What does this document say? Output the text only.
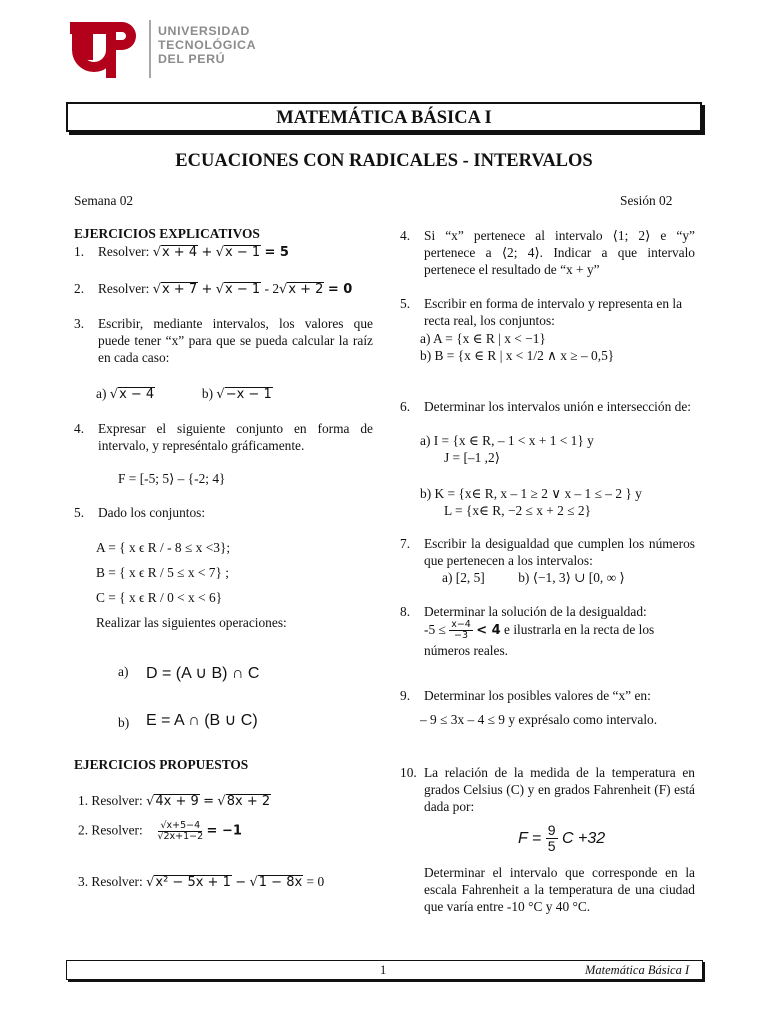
UNIVERSIDAD
TECNOLÓGICA
DEL PERÚ
MATEMÁTICA BÁSICA I
ECUACIONES CON RADICALES - INTERVALOS
Semana 02	Sesión 02
EJERCICIOS EXPLICATIVOS
1. Resolver: √x + 4 + √x − 1 = 5
2. Resolver: √x + 7 + √x − 1 - 2√x + 2 = 0
3. Escribir, mediante intervalos, los valores que puede tener “x” para que se pueda calcular la raíz en cada caso:
a) √x − 4	b) √−x − 1
4. Expresar el siguiente conjunto en forma de intervalo, y represéntalo gráficamente.
F = [-5; 5⟩ – {-2; 4}
5. Dado los conjuntos:
A = { x ϵ R / - 8 ≤ x <3};
B = { x ϵ R / 5 ≤ x < 7} ;
C = { x ϵ R / 0 < x < 6}
Realizar las siguientes operaciones:
a) D = (A ∪ B) ∩ C
b) E = A ∩ (B ∪ C)
EJERCICIOS PROPUESTOS
1. Resolver: √4x + 9 = √8x + 2
2. Resolver: $\frac{√x+5-4}{√2x+1-2} = -1$
3. Resolver: √x² − 5x + 1 − √1 − 8x = 0
4. Si “x” pertenece al intervalo ⟨1; 2⟩ e “y” pertenece a ⟨2; 4⟩. Indicar a que intervalo pertenece el resultado de “x + y”
5. Escribir en forma de intervalo y representa en la recta real, los conjuntos:
a) A = {x ∈ R | x < −1}
b) B = {x ∈ R | x < 1/2 ∧ x ≥ – 0,5}
6. Determinar los intervalos unión e intersección de:
a) I = {x ∈ R, – 1 < x + 1 < 1} y
J = [–1 ,2⟩
b) K = {x∈ R, x – 1 ≥ 2 ∨ x – 1 ≤ – 2 } y
L = {x∈ R, −2 ≤ x + 2 ≤ 2}
7. Escribir la desigualdad que cumplen los números que pertenecen a los intervalos:
a) [2, 5]          b) ⟨−1, 3⟩ ∪ [0, ∞ ⟩
8. Determinar la solución de la desigualdad:
$-5 \le \frac{x-4}{-3} < 4$ e ilustrarla en la recta de los números reales.
9. Determinar los posibles valores de “x” en:
– 9 ≤ 3x – 4 ≤ 9 y exprésalo como intervalo.
10. La relación de la medida de la temperatura en grados Celsius (C) y en grados Fahrenheit (F) está dada por:
$F = \frac{9}{5}$ C +32
Determinar el intervalo que corresponde en la escala Fahrenheit a la temperatura de una ciudad que varía entre -10 °C y 40 °C.
1	Matemática Básica I
